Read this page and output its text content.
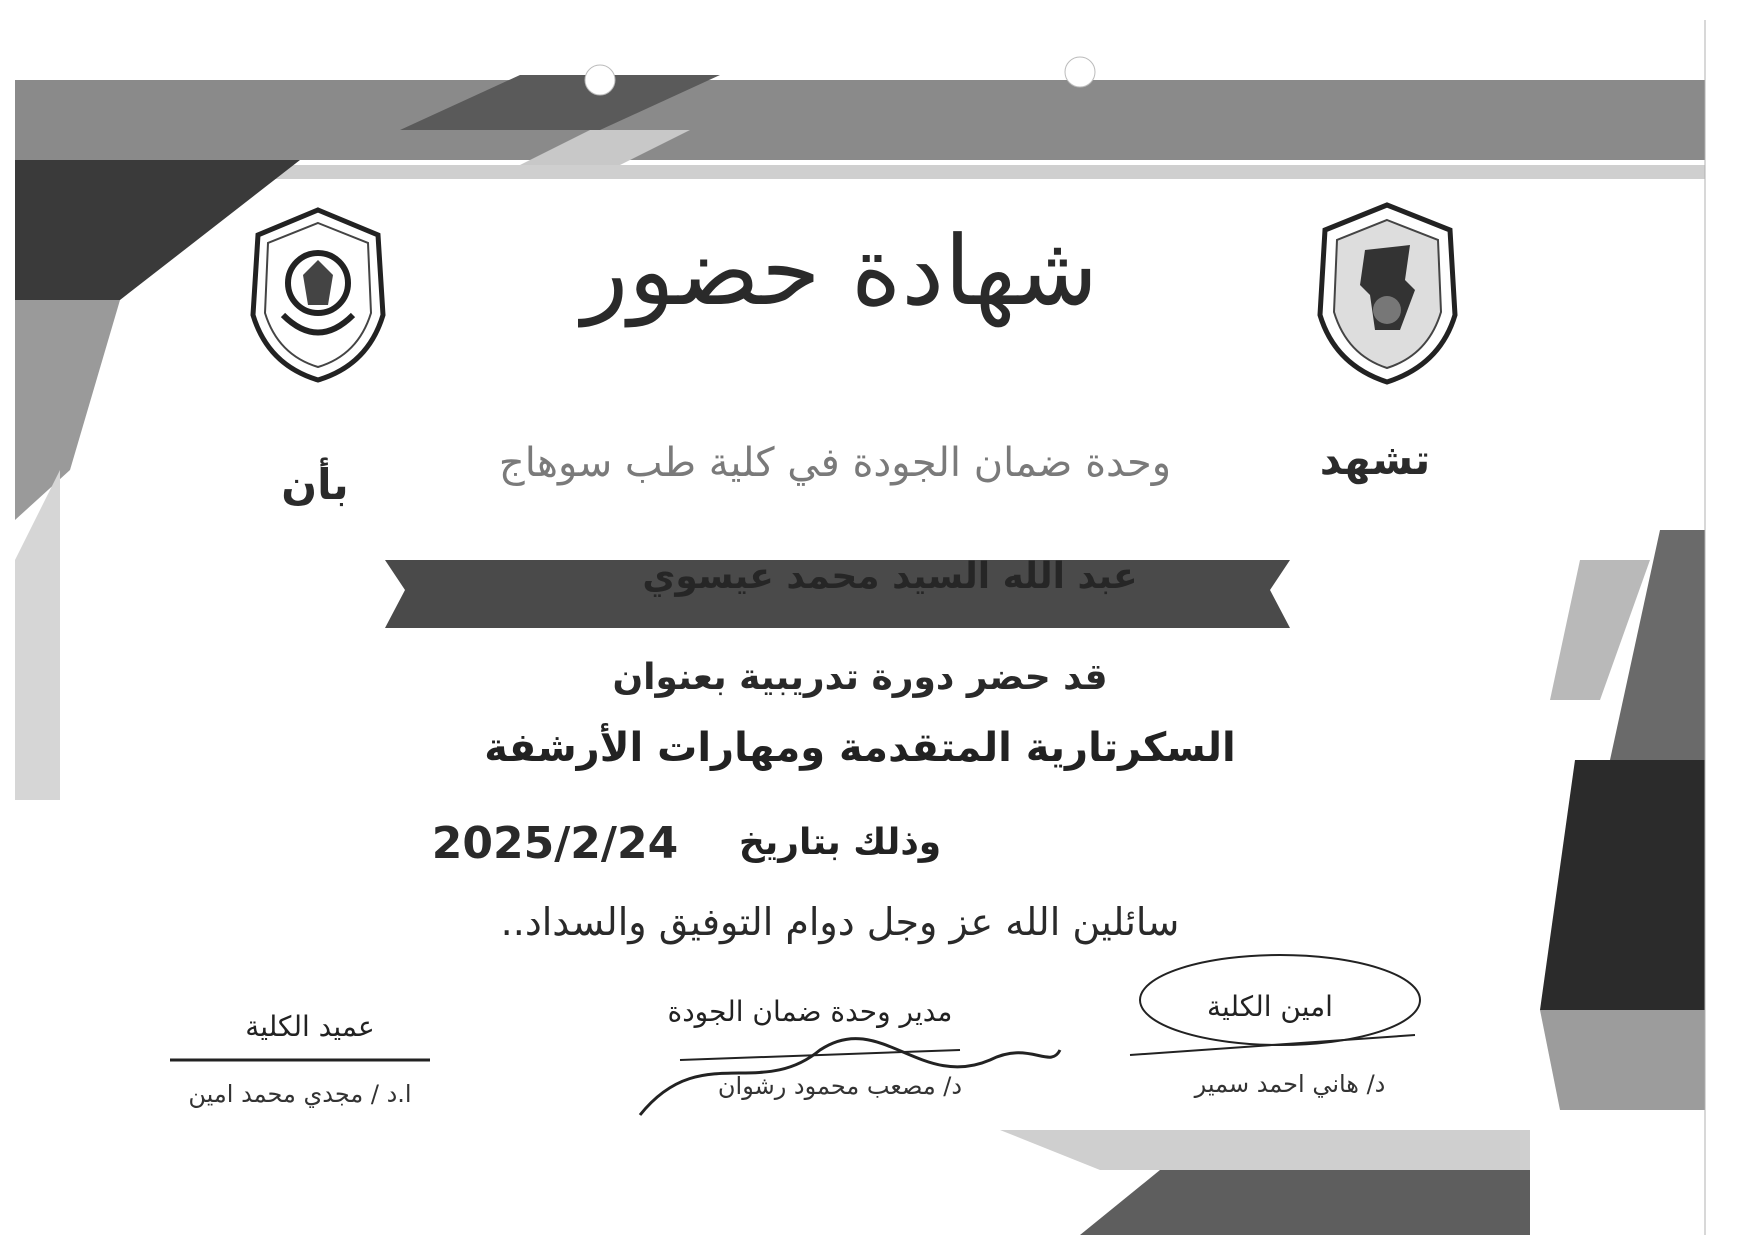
شهادة حضور
تشهد
وحدة ضمان الجودة في كلية طب سوهاج
بأن
عبد الله السيد محمد عيسوي
قد حضر دورة تدريبية بعنوان
السكرتارية المتقدمة ومهارات الأرشفة
وذلك بتاريخ
2025/2/24
سائلين الله عز وجل دوام التوفيق والسداد..
امين الكلية
د/ هاني احمد سمير
مدير وحدة ضمان الجودة
د/ مصعب محمود رشوان
عميد الكلية
ا.د / مجدي محمد امين
